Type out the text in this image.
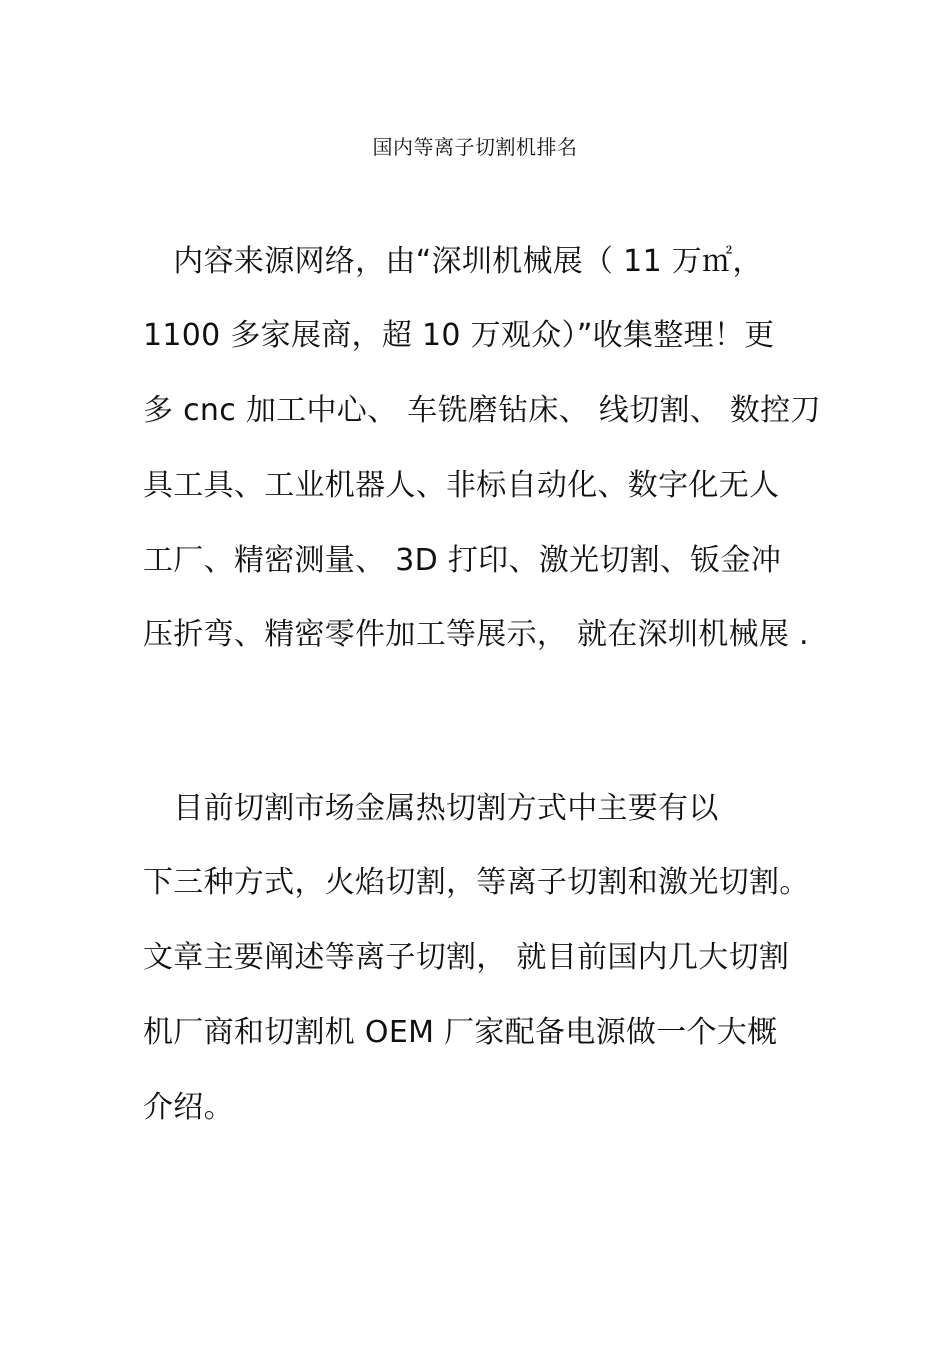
国内等离子切割机排名
　内容来源网络，由“深圳机械展（ 11 万㎡，
1100 多家展商，超 10 万观众）”收集整理！更
多 cnc 加工中心、 车铣磨钻床、 线切割、 数控刀
具工具、工业机器人、非标自动化、数字化无人
工厂、精密测量、 3D 打印、激光切割、钣金冲
压折弯、精密零件加工等展示， 就在深圳机械展 .
　目前切割市场金属热切割方式中主要有以
下三种方式，火焰切割，等离子切割和激光切割。
文章主要阐述等离子切割， 就目前国内几大切割
机厂商和切割机 OEM 厂家配备电源做一个大概
介绍。
